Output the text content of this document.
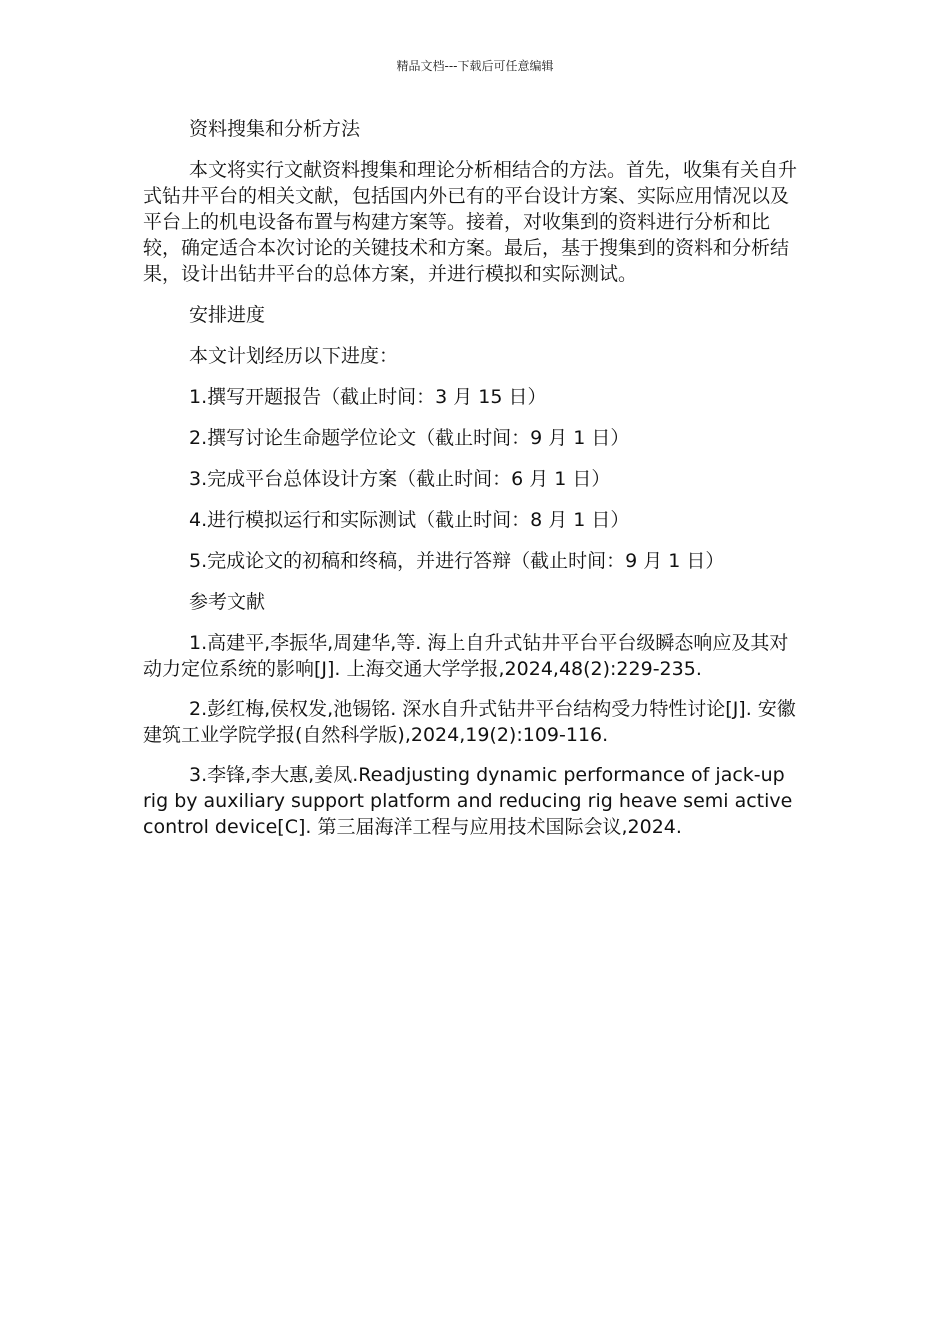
精品文档---下载后可任意编辑

资料搜集和分析方法

本文将实行文献资料搜集和理论分析相结合的方法。首先，收集有关自升式钻井平台的相关文献，包括国内外已有的平台设计方案、实际应用情况以及平台上的机电设备布置与构建方案等。接着，对收集到的资料进行分析和比较，确定适合本次讨论的关键技术和方案。最后，基于搜集到的资料和分析结果，设计出钻井平台的总体方案，并进行模拟和实际测试。

安排进度

本文计划经历以下进度：

1.撰写开题报告（截止时间：3 月 15 日）

2.撰写讨论生命题学位论文（截止时间：9 月 1 日）

3.完成平台总体设计方案（截止时间：6 月 1 日）

4.进行模拟运行和实际测试（截止时间：8 月 1 日）

5.完成论文的初稿和终稿，并进行答辩（截止时间：9 月 1 日）

参考文献

1.高建平,李振华,周建华,等. 海上自升式钻井平台平台级瞬态响应及其对动力定位系统的影响[J]. 上海交通大学学报,2024,48(2):229-235.

2.彭红梅,侯权发,池锡铭. 深水自升式钻井平台结构受力特性讨论[J]. 安徽建筑工业学院学报(自然科学版),2024,19(2):109-116.

3.李锋,李大惠,姜凤.Readjusting dynamic performance of jack-up rig by auxiliary support platform and reducing rig heave semi active control device[C]. 第三届海洋工程与应用技术国际会议,2024.
